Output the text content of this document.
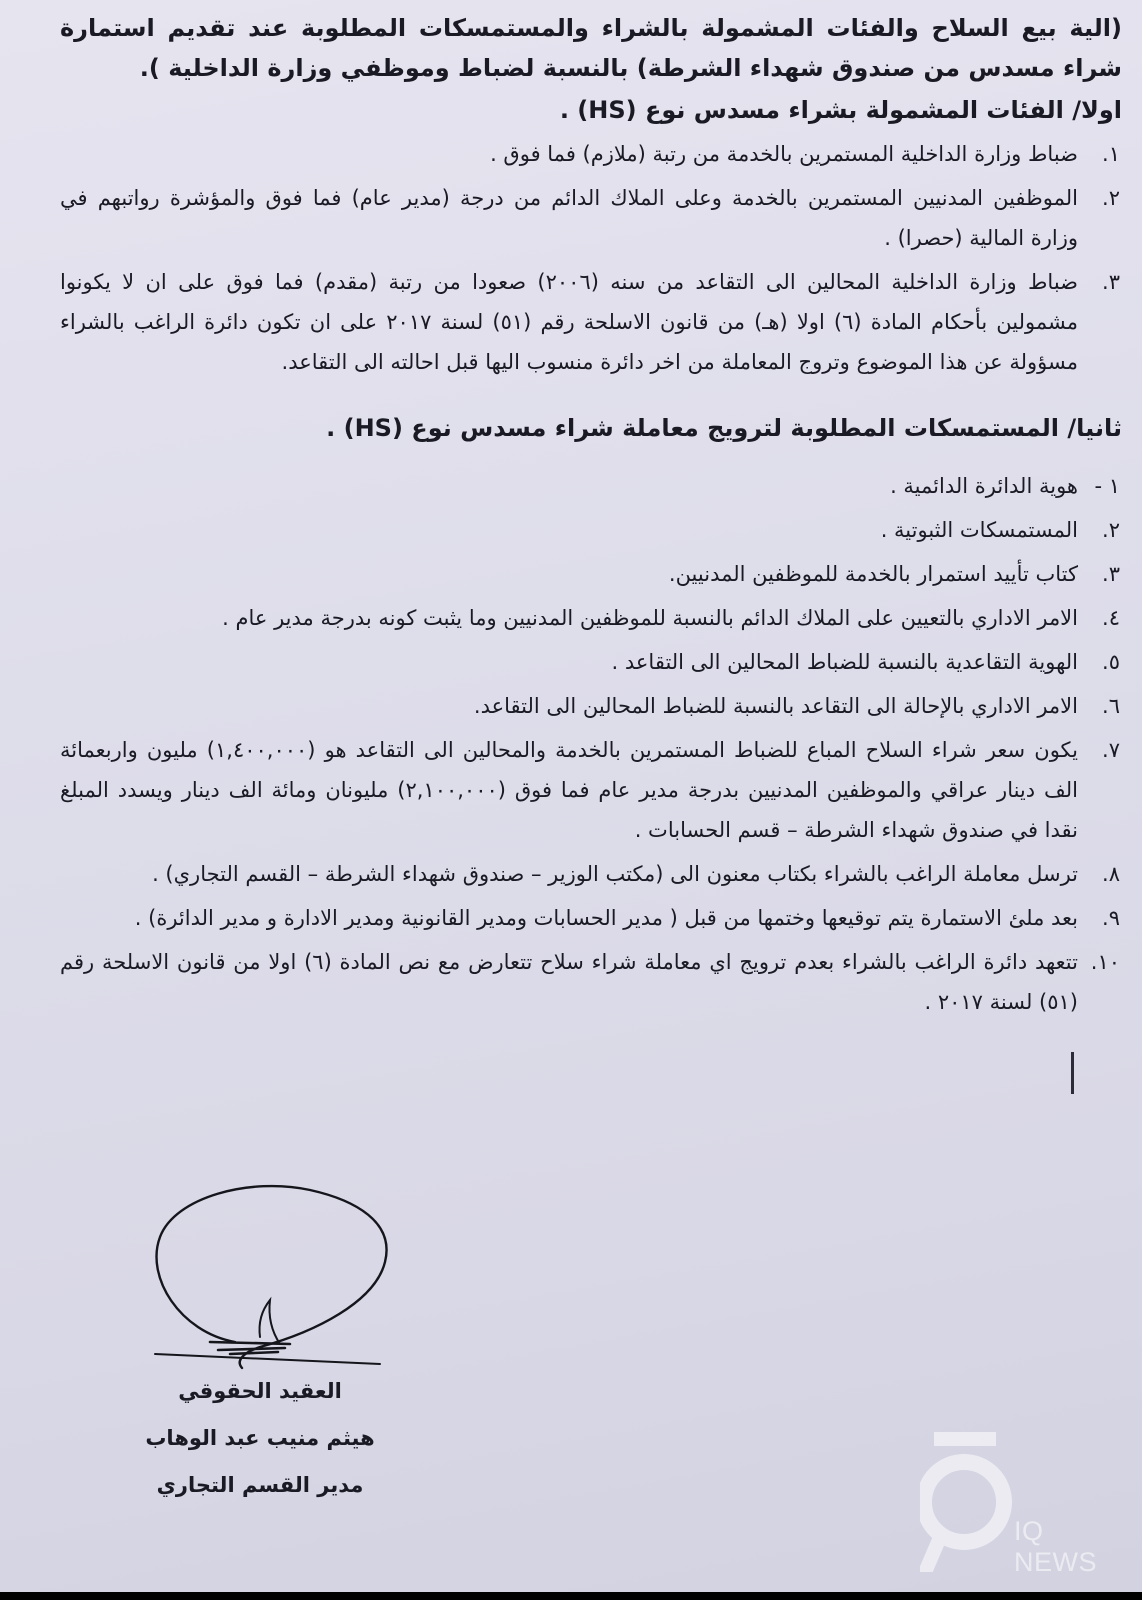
(الية بيع السلاح والفئات المشمولة بالشراء والمستمسكات المطلوبة عند تقديم استمارة شراء مسدس من صندوق شهداء الشرطة) بالنسبة لضباط وموظفي وزارة الداخلية ).

اولا/ الفئات المشمولة بشراء مسدس نوع (HS) .

١.
ضباط وزارة الداخلية المستمرين بالخدمة من رتبة (ملازم) فما فوق .
٢.
الموظفين المدنيين المستمرين بالخدمة وعلى الملاك الدائم من درجة (مدير عام) فما فوق والمؤشرة رواتبهم في وزارة المالية (حصرا) .
٣.
ضباط وزارة الداخلية المحالين الى التقاعد من سنه (٢٠٠٦) صعودا من رتبة (مقدم) فما فوق على ان لا يكونوا مشمولين بأحكام المادة (٦) اولا (هـ) من قانون الاسلحة رقم (٥١) لسنة ٢٠١٧ على ان تكون دائرة الراغب بالشراء مسؤولة عن هذا الموضوع وتروج المعاملة من اخر دائرة منسوب اليها قبل احالته الى التقاعد.

ثانيا/ المستمسكات المطلوبة لترويج معاملة شراء مسدس نوع (HS) .

١ -
هوية الدائرة الدائمية .
٢.
المستمسكات الثبوتية .
٣.
كتاب تأييد استمرار بالخدمة للموظفين المدنيين.
٤.
الامر الاداري بالتعيين على الملاك الدائم بالنسبة للموظفين المدنيين وما يثبت كونه بدرجة مدير عام .
٥.
الهوية التقاعدية بالنسبة للضباط المحالين الى التقاعد .
٦.
الامر الاداري بالإحالة الى التقاعد بالنسبة للضباط المحالين الى التقاعد.
٧.
يكون سعر شراء السلاح المباع للضباط المستمرين بالخدمة والمحالين الى التقاعد هو (١,٤٠٠,٠٠٠) مليون واربعمائة الف دينار عراقي والموظفين المدنيين بدرجة مدير عام فما فوق (٢,١٠٠,٠٠٠) مليونان ومائة الف دينار ويسدد المبلغ نقدا في صندوق شهداء الشرطة – قسم الحسابات .
٨.
ترسل معاملة الراغب بالشراء بكتاب معنون الى (مكتب الوزير – صندوق شهداء الشرطة – القسم التجاري) .
٩.
بعد ملئ الاستمارة يتم توقيعها وختمها من قبل ( مدير الحسابات ومدير القانونية ومدير الادارة و مدير الدائرة) .
١٠.
تتعهد دائرة الراغب بالشراء بعدم ترويج اي معاملة شراء سلاح تتعارض مع نص المادة (٦) اولا من قانون الاسلحة رقم (٥١) لسنة ٢٠١٧ .
العقيد الحقوقي
هيثم منيب عبد الوهاب
مدير القسم التجاري
IQ NEWS
